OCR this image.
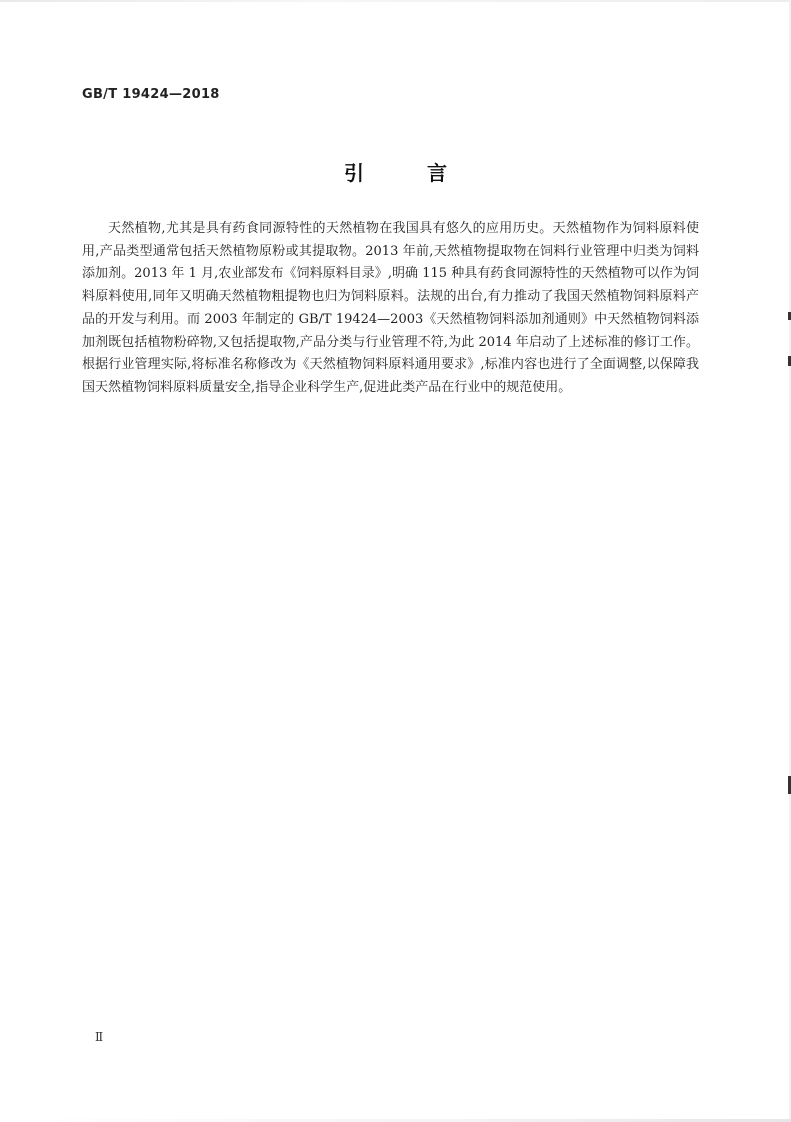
GB/T 19424—2018
引 言

天然植物,尤其是具有药食同源特性的天然植物在我国具有悠久的应用历史。天然植物作为饲料原料使用,产品类型通常包括天然植物原粉或其提取物。2013 年前,天然植物提取物在饲料行业管理中归类为饲料添加剂。2013 年 1 月,农业部发布《饲料原料目录》,明确 115 种具有药食同源特性的天然植物可以作为饲料原料使用,同年又明确天然植物粗提物也归为饲料原料。法规的出台,有力推动了我国天然植物饲料原料产品的开发与利用。而 2003 年制定的 GB/T 19424—2003《天然植物饲料添加剂通则》中天然植物饲料添加剂既包括植物粉碎物,又包括提取物,产品分类与行业管理不符,为此 2014 年启动了上述标准的修订工作。根据行业管理实际,将标准名称修改为《天然植物饲料原料通用要求》,标准内容也进行了全面调整,以保障我国天然植物饲料原料质量安全,指导企业科学生产,促进此类产品在行业中的规范使用。

Ⅱ
